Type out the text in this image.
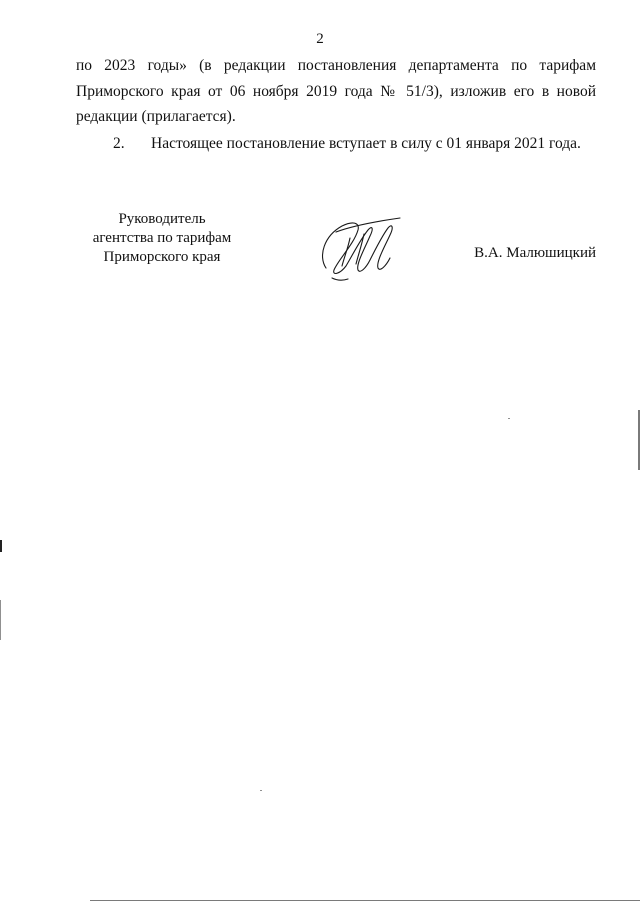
2
по 2023 годы» (в редакции постановления департамента по тарифам
Приморского края от 06 ноября 2019 года № 51/3), изложив его в новой
редакции (прилагается).
2. Настоящее постановление вступает в силу с 01 января 2021 года.
Руководитель
агентства по тарифам
Приморского края	В.А. Малюшицкий
